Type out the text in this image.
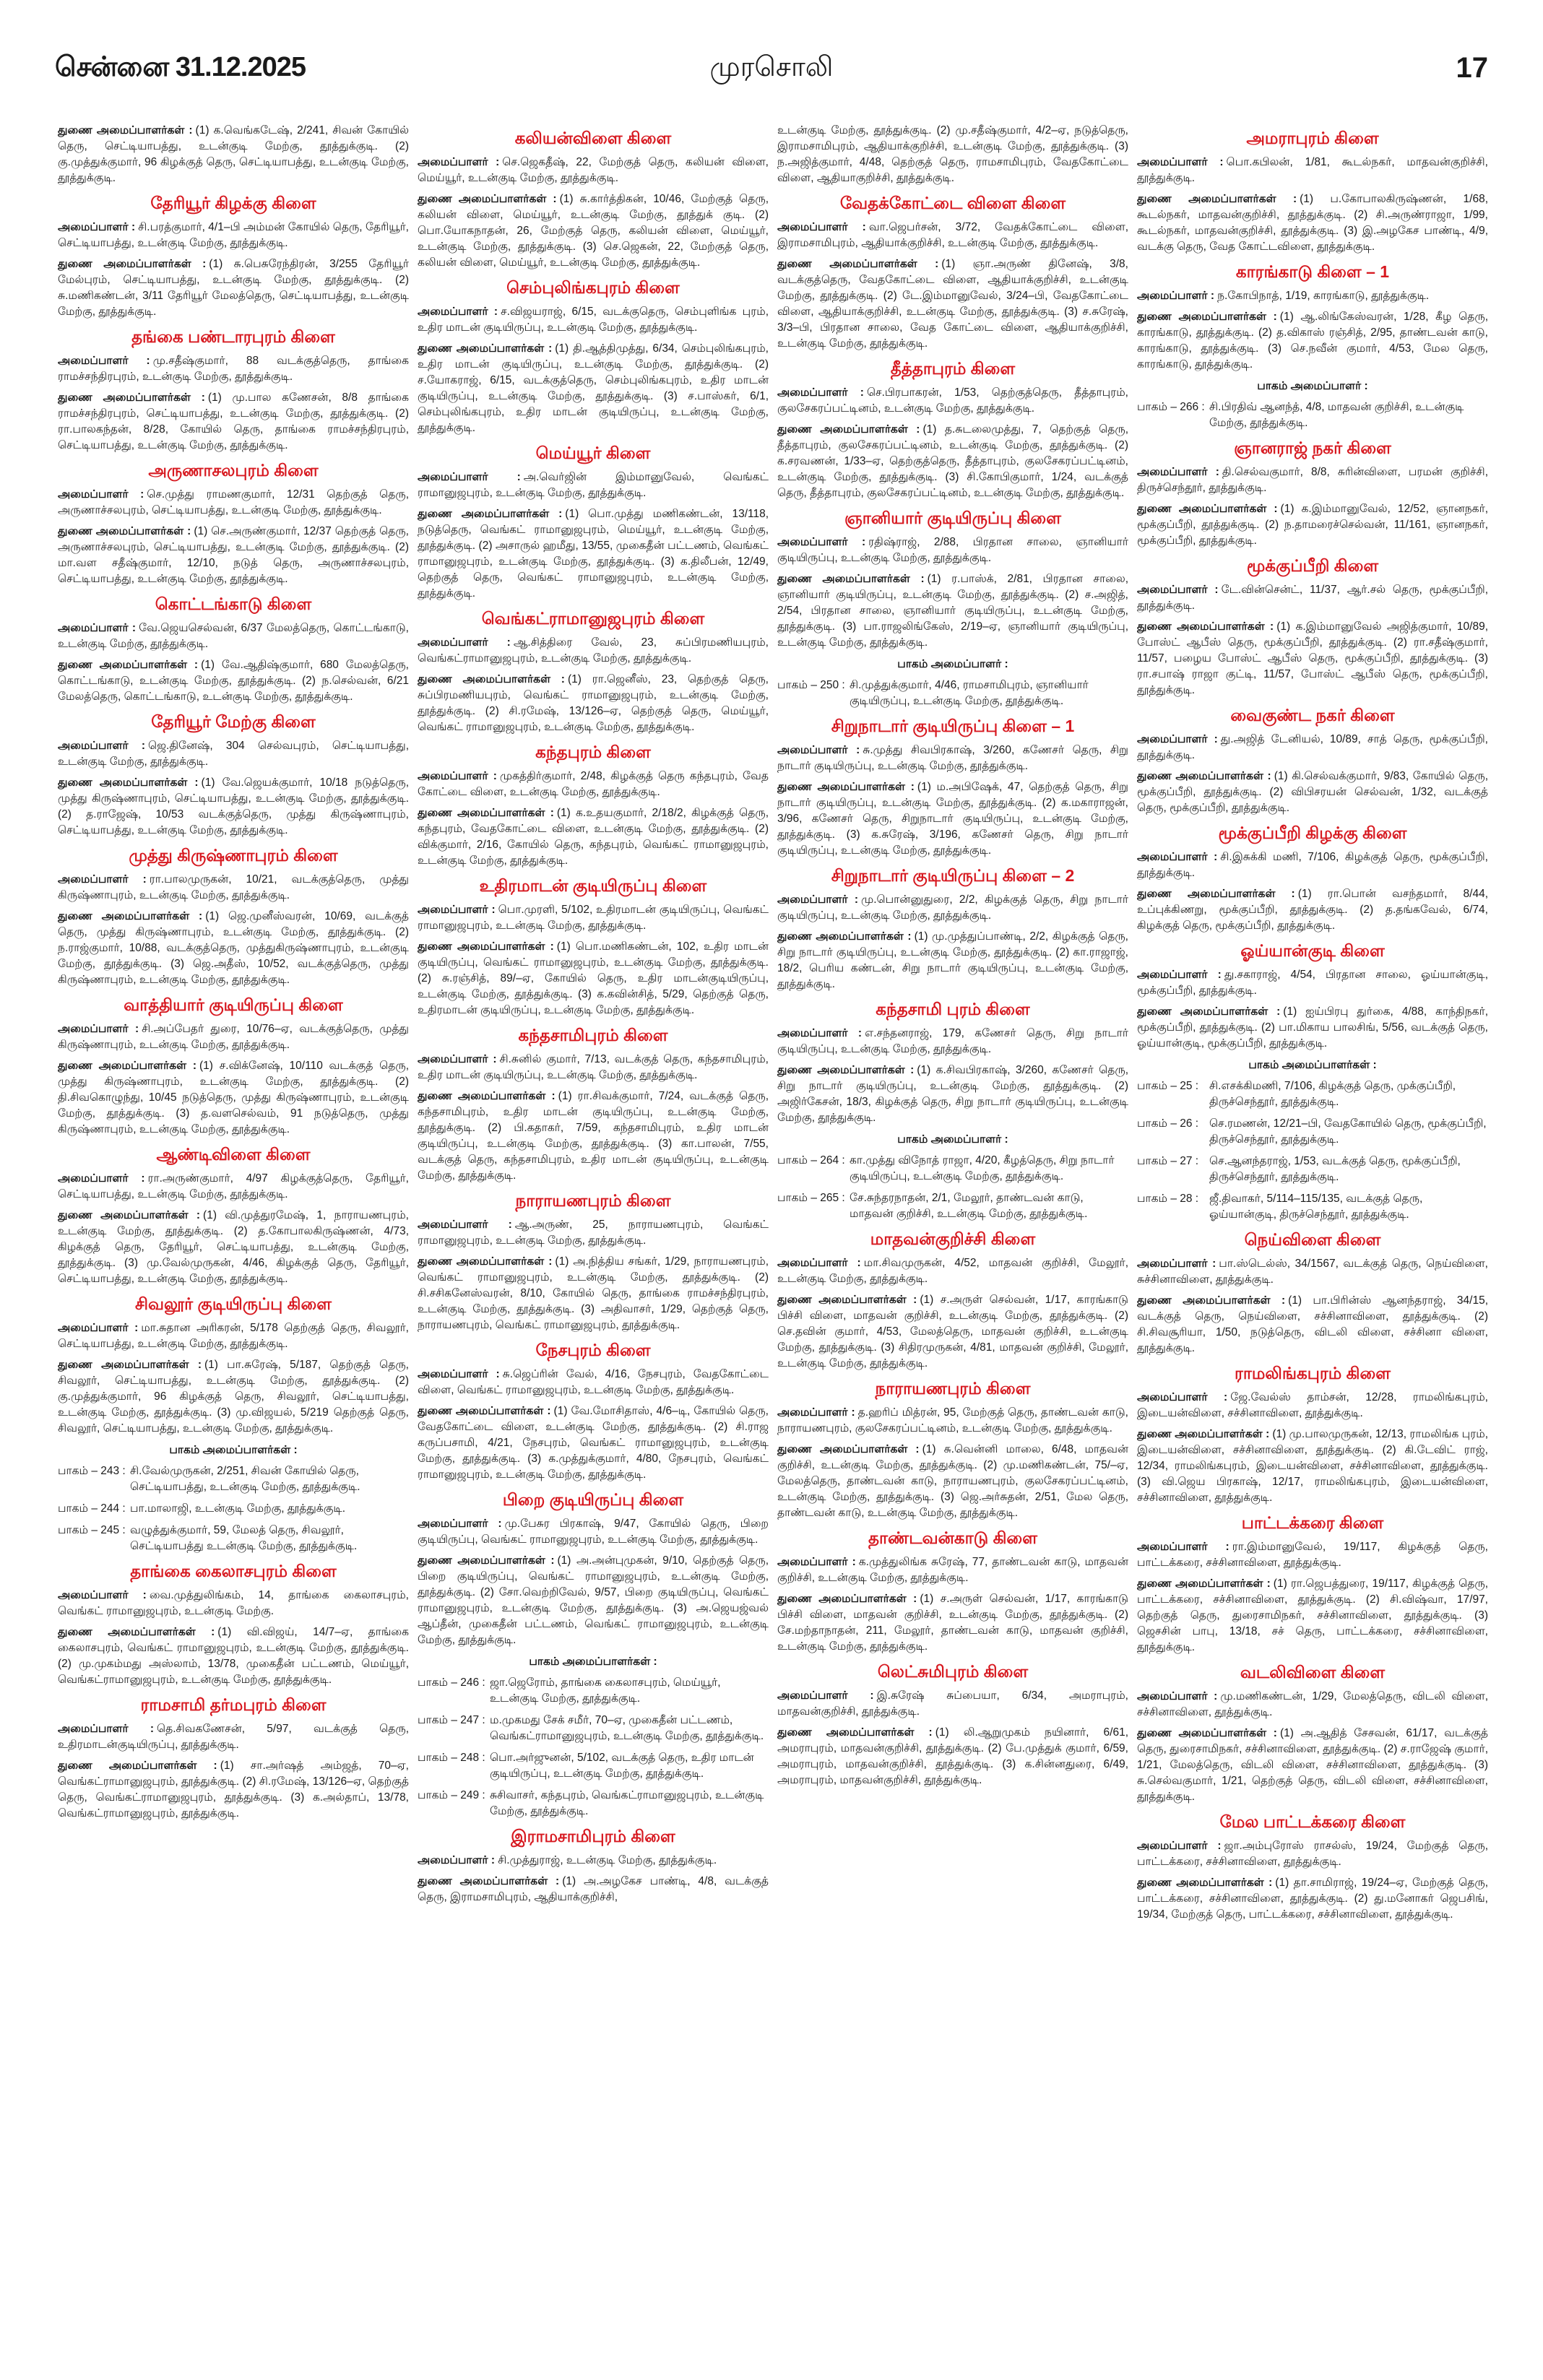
சென்னை 31.12.2025	முரசொலி	17

துணை அமைப்பாளர்கள் : (1) க.வெங்கடேஷ், 2/241, சிவன் கோயில் தெரு, செட்டியாபத்து, உடன்குடி மேற்கு, தூத்துக்குடி. (2) கு.முத்துக்குமார், 96 கிழக்குத் தெரு, செட்டியாபத்து, உடன்குடி மேற்கு, தூத்துக்குடி.

தேரியூர் கிழக்கு கிளை

அமைப்பாளர் : சி.பரத்குமார், 4/1–பி அம்மன் கோயில் தெரு, தேரியூர், செட்டியாபத்து, உடன்குடி மேற்கு, தூத்துக்குடி.

துணை அமைப்பாளர்கள் : (1) சு.பெசுரேந்திரன், 3/255 தேரியூர் மேல்புரம், செட்டியாபத்து, உடன்குடி மேற்கு, தூத்துக்குடி. (2) சு.மணிகண்டன், 3/11 தேரியூர் மேலத்தெரு, செட்டியாபத்து, உடன்குடி மேற்கு, தூத்துக்குடி.

தங்கை பண்டாரபுரம் கிளை

அமைப்பாளர் : மு.சதீஷ்குமார், 88 வடக்குத்தெரு, தாங்கை ராமச்சந்திரபுரம், உடன்குடி மேற்கு, தூத்துக்குடி.

துணை அமைப்பாளர்கள் : (1) மு.பால கணேசன், 8/8 தாங்கை ராமச்சந்திரபுரம், செட்டியாபத்து, உடன்குடி மேற்கு, தூத்துக்குடி. (2) ரா.பாலகந்தன், 8/28, கோயில் தெரு, தாங்கை ராமச்சந்திரபுரம், செட்டியாபத்து, உடன்குடி மேற்கு, தூத்துக்குடி.

அருணாசலபுரம் கிளை

அமைப்பாளர் : செ.முத்து ராமணகுமார், 12/31 தெற்குத் தெரு, அருணாச்சலபுரம், செட்டியாபத்து, உடன்குடி மேற்கு, தூத்துக்குடி.

துணை அமைப்பாளர்கள் : (1) செ.அருண்குமார், 12/37 தெற்குத் தெரு, அருணாச்சலபுரம், செட்டியாபத்து, உடன்குடி மேற்கு, தூத்துக்குடி. (2) மா.வள சதீஷ்குமார், 12/10, நடுத் தெரு, அருணாச்சலபுரம், செட்டியாபத்து, உடன்குடி மேற்கு, தூத்துக்குடி.

கொட்டங்காடு கிளை

அமைப்பாளர் : வே.ஜெயசெல்வன், 6/37 மேலத்தெரு, கொட்டங்காடு, உடன்குடி மேற்கு, தூத்துக்குடி.

துணை அமைப்பாளர்கள் : (1) வே.ஆதிஷ்குமார், 680 மேலத்தெரு, கொட்டங்காடு, உடன்குடி மேற்கு, தூத்துக்குடி. (2) ந.செல்வன், 6/21 மேலத்தெரு, கொட்டங்காடு, உடன்குடி மேற்கு, தூத்துக்குடி.

தேரியூர் மேற்கு கிளை

அமைப்பாளர் : ஜெ.தினேஷ், 304 செல்வபுரம், செட்டியாபத்து, உடன்குடி மேற்கு, தூத்துக்குடி.

துணை அமைப்பாளர்கள் : (1) வே.ஜெயக்குமார், 10/18 நடுத்தெரு, முத்து கிருஷ்ணாபுரம், செட்டியாபத்து, உடன்குடி மேற்கு, தூத்துக்குடி. (2) த.ராஜேஷ், 10/53 வடக்குத்தெரு, முத்து கிருஷ்ணாபுரம், செட்டியாபத்து, உடன்குடி மேற்கு, தூத்துக்குடி.

முத்து கிருஷ்ணாபுரம் கிளை

அமைப்பாளர் : ரா.பாலமுருகன், 10/21, வடக்குத்தெரு, முத்து கிருஷ்ணாபுரம், உடன்குடி மேற்கு, தூத்துக்குடி.

துணை அமைப்பாளர்கள் : (1) ஜெ.முனீஸ்வரன், 10/69, வடக்குத் தெரு, முத்து கிருஷ்ணாபுரம், உடன்குடி மேற்கு, தூத்துக்குடி. (2) ந.ராஜ்குமார், 10/88, வடக்குத்தெரு, முத்துகிருஷ்ணாபுரம், உடன்குடி மேற்கு, தூத்துக்குடி. (3) ஜெ.அதீஸ், 10/52, வடக்குத்தெரு, முத்து கிருஷ்ணாபுரம், உடன்குடி மேற்கு, தூத்துக்குடி.

வாத்தியார் குடியிருப்பு கிளை

அமைப்பாளர் : சி.அப்பேதர் துரை, 10/76–ஏ, வடக்குத்தெரு, முத்து கிருஷ்ணாபுரம், உடன்குடி மேற்கு, தூத்துக்குடி.

துணை அமைப்பாளர்கள் : (1) ச.விக்னேஷ், 10/110 வடக்குத் தெரு, முத்து கிருஷ்ணாபுரம், உடன்குடி மேற்கு, தூத்துக்குடி. (2) தி.சிவகொழுந்து, 10/45 நடுத்தெரு, முத்து கிருஷ்ணாபுரம், உடன்குடி மேற்கு, தூத்துக்குடி. (3) த.வளசெல்வம், 91 நடுத்தெரு, முத்து கிருஷ்ணாபுரம், உடன்குடி மேற்கு, தூத்துக்குடி.

ஆண்டிவிளை கிளை

அமைப்பாளர் : ரா.அருண்குமார், 4/97 கிழக்குத்தெரு, தேரியூர், செட்டியாபத்து, உடன்குடி மேற்கு, தூத்துக்குடி.

துணை அமைப்பாளர்கள் : (1) வி.முத்துரமேஷ், 1, நாராயணபுரம், உடன்குடி மேற்கு, தூத்துக்குடி. (2) த.கோபாலகிருஷ்ணன், 4/73, கிழக்குத் தெரு, தேரியூர், செட்டியாபத்து, உடன்குடி மேற்கு, தூத்துக்குடி. (3) மு.வேல்முருகன், 4/46, கிழக்குத் தெரு, தேரியூர், செட்டியாபத்து, உடன்குடி மேற்கு, தூத்துக்குடி.

சிவலூர் குடியிருப்பு கிளை

அமைப்பாளர் : மா.சுதான அரிகரன், 5/178 தெற்குத் தெரு, சிவலூர், செட்டியாபத்து, உடன்குடி மேற்கு, தூத்துக்குடி.

துணை அமைப்பாளர்கள் : (1) பா.சுரேஷ், 5/187, தெற்குத் தெரு, சிவலூர், செட்டியாபத்து, உடன்குடி மேற்கு, தூத்துக்குடி. (2) கு.முத்துக்குமார், 96 கிழக்குத் தெரு, சிவலூர், செட்டியாபத்து, உடன்குடி மேற்கு, தூத்துக்குடி. (3) மு.விஜயல், 5/219 தெற்குத் தெரு, சிவலூர், செட்டியாபத்து, உடன்குடி மேற்கு, தூத்துக்குடி.

பாகம் அமைப்பாளர்கள் :
பாகம் – 243 : சி.வேல்முருகன், 2/251, சிவன் கோயில் தெரு, செட்டியாபத்து, உடன்குடி மேற்கு, தூத்துக்குடி.
பாகம் – 244 : பா.மாலாஜி, உடன்குடி மேற்கு, தூத்துக்குடி.
பாகம் – 245 : வழுத்துக்குமார், 59, மேலத் தெரு, சிவலூர், செட்டியாபத்து உடன்குடி மேற்கு, தூத்துக்குடி.
தாங்கை கைலாசபுரம் கிளை

அமைப்பாளர் : வை.முத்துலிங்கம், 14, தாங்கை கைலாசபுரம், வெங்கட் ராமானுஜபுரம், உடன்குடி மேற்கு.

துணை அமைப்பாளர்கள் : (1) வி.விஜய், 14/7–ஏ, தாங்கை கைலாசபுரம், வெங்கட் ராமானுஜபுரம், உடன்குடி மேற்கு, தூத்துக்குடி. (2) மு.முகம்மது அஸ்லாம், 13/78, முகைதீன் பட்டணம், மெய்யூர், வெங்கட்ராமானுஜபுரம், உடன்குடி மேற்கு, தூத்துக்குடி.

ராமசாமி தர்மபுரம் கிளை

அமைப்பாளர் : தெ.சிவகணேசன், 5/97, வடக்குத் தெரு, உதிரமாடன்குடியிருப்பு, தூத்துக்குடி.

துணை அமைப்பாளர்கள் : (1) சா.அர்ஷத் அம்ஜத், 70–ஏ, வெங்கட்ராமானுஜபுரம், தூத்துக்குடி. (2) சி.ரமேஷ், 13/126–ஏ, தெற்குத் தெரு, வெங்கட்ராமானுஜபுரம், தூத்துக்குடி. (3) க.அல்தாப், 13/78, வெங்கட்ராமானுஜபுரம், தூத்துக்குடி.

கலியன்விளை கிளை

அமைப்பாளர் : செ.ஜெகதீஷ், 22, மேற்குத் தெரு, கலியன் விளை, மெய்யூர், உடன்குடி மேற்கு, தூத்துக்குடி.

துணை அமைப்பாளர்கள் : (1) சு.கார்த்திகன், 10/46, மேற்குத் தெரு, கலியன் விளை, மெய்யூர், உடன்குடி மேற்கு, தூத்துக் குடி. (2) பொ.யோகநாதன், 26, மேற்குத் தெரு, கலியன் விளை, மெய்யூர், உடன்குடி மேற்கு, தூத்துக்குடி. (3) செ.ஜெகன், 22, மேற்குத் தெரு, கலியன் விளை, மெய்யூர், உடன்குடி மேற்கு, தூத்துக்குடி.

செம்புலிங்கபுரம் கிளை

அமைப்பாளர் : ச.விஜயராஜ், 6/15, வடக்குதெரு, செம்புளிங்க புரம், உதிர மாடன் குடியிருப்பு, உடன்குடி மேற்கு, தூத்துக்குடி.

துணை அமைப்பாளர்கள் : (1) தி.ஆத்திமுத்து, 6/34, செம்புலிங்கபுரம், உதிர மாடன் குடியிருப்பு, உடன்குடி மேற்கு, தூத்துக்குடி. (2) ச.யோகராஜ், 6/15, வடக்குத்தெரு, செம்புலிங்கபுரம், உதிர மாடன் குடியிருப்பு, உடன்குடி மேற்கு, தூத்துக்குடி. (3) ச.பாஸ்கர், 6/1, செம்புலிங்கபுரம், உதிர மாடன் குடியிருப்பு, உடன்குடி மேற்கு, தூத்துக்குடி.

மெய்யூர் கிளை

அமைப்பாளர் : அ.வெர்ஜின் இம்மானுவேல், வெங்கட் ராமானுஜபுரம், உடன்குடி மேற்கு, தூத்துக்குடி.

துணை அமைப்பாளர்கள் : (1) பொ.முத்து மணிகண்டன், 13/118, நடுத்தெரு, வெங்கட் ராமானுஜபுரம், மெய்யூர், உடன்குடி மேற்கு, தூத்துக்குடி. (2) அசாருல் ஹமீது, 13/55, முகைதீன் பட்டணம், வெங்கட் ராமானுஜபுரம், உடன்குடி மேற்கு, தூத்துக்குடி. (3) க.திலீபன், 12/49, தெற்குத் தெரு, வெங்கட் ராமானுஜபுரம், உடன்குடி மேற்கு, தூத்துக்குடி.

வெங்கட்ராமானுஜபுரம் கிளை

அமைப்பாளர் : ஆ.சித்திரை வேல், 23, சுப்பிரமணியபுரம், வெங்கட்ராமானுஜபுரம், உடன்குடி மேற்கு, தூத்துக்குடி.

துணை அமைப்பாளர்கள் : (1) ரா.ஜெனீஸ், 23, தெற்குத் தெரு, சுப்பிரமணியபுரம், வெங்கட் ராமானுஜபுரம், உடன்குடி மேற்கு, தூத்துக்குடி. (2) சி.ரமேஷ், 13/126–ஏ, தெற்குத் தெரு, மெய்யூர், வெங்கட் ராமானுஜபுரம், உடன்குடி மேற்கு, தூத்துக்குடி.

கந்தபுரம் கிளை

அமைப்பாளர் : முகத்திர்குமார், 2/48, கிழக்குத் தெரு கந்தபுரம், வேத கோட்டை விளை, உடன்குடி மேற்கு, தூத்துக்குடி.

துணை அமைப்பாளர்கள் : (1) க.உதயகுமார், 2/18/2, கிழக்குத் தெரு, கந்தபுரம், வேதகோட்டை விளை, உடன்குடி மேற்கு, தூத்துக்குடி. (2) விக்குமார், 2/16, கோயில் தெரு, கந்தபுரம், வெங்கட் ராமானுஜபுரம், உடன்குடி மேற்கு, தூத்துக்குடி.

உதிரமாடன் குடியிருப்பு கிளை

அமைப்பாளர் : பொ.முரளி, 5/102, உதிரமாடன் குடியிருப்பு, வெங்கட் ராமானுஜபுரம், உடன்குடி மேற்கு, தூத்துக்குடி.

துணை அமைப்பாளர்கள் : (1) பொ.மணிகண்டன், 102, உதிர மாடன் குடியிருப்பு, வெங்கட் ராமானுஜபுரம், உடன்குடி மேற்கு, தூத்துக்குடி. (2) சு.ரஞ்சித், 89/–ஏ, கோயில் தெரு, உதிர மாடன்குடியிருப்பு, உடன்குடி மேற்கு, தூத்துக்குடி. (3) க.கவின்சித், 5/29, தெற்குத் தெரு, உதிரமாடன் குடியிருப்பு, உடன்குடி மேற்கு, தூத்துக்குடி.

கந்தசாமிபுரம் கிளை

அமைப்பாளர் : சி.சுனில் குமார், 7/13, வடக்குத் தெரு, கந்தசாமிபுரம், உதிர மாடன் குடியிருப்பு, உடன்குடி மேற்கு, தூத்துக்குடி.

துணை அமைப்பாளர்கள் : (1) ரா.சிவக்குமார், 7/24, வடக்குத் தெரு, கந்தசாமிபுரம், உதிர மாடன் குடியிருப்பு, உடன்குடி மேற்கு, தூத்துக்குடி. (2) பி.கதாகர், 7/59, கந்தசாமிபுரம், உதிர மாடன் குடியிருப்பு, உடன்குடி மேற்கு, தூத்துக்குடி. (3) கா.பாலன், 7/55, வடக்குத் தெரு, கந்தசாமிபுரம், உதிர மாடன் குடியிருப்பு, உடன்குடி மேற்கு, தூத்துக்குடி.

நாராயணபுரம் கிளை

அமைப்பாளர் : ஆ.அருண், 25, நாராயணபுரம், வெங்கட் ராமானுஜபுரம், உடன்குடி மேற்கு, தூத்துக்குடி.

துணை அமைப்பாளர்கள் : (1) அ.நித்திய சங்கர், 1/29, நாராயணபுரம், வெங்கட் ராமானுஜபுரம், உடன்குடி மேற்கு, தூத்துக்குடி. (2) சி.சசிகனேஸ்வரன், 8/10, கோயில் தெரு, தாங்கை ராமச்சந்திரபுரம், உடன்குடி மேற்கு, தூத்துக்குடி. (3) அதிவாசர், 1/29, தெற்குத் தெரு, நாராயணபுரம், வெங்கட் ராமானுஜபுரம், தூத்துக்குடி.

நேசபுரம் கிளை

அமைப்பாளர் : சு.ஜெப்ரின் வேல், 4/16, நேசபுரம், வேதகோட்டை விளை, வெங்கட் ராமானுஜபுரம், உடன்குடி மேற்கு, தூத்துக்குடி.

துணை அமைப்பாளர்கள் : (1) வே.மோசிதாஸ், 4/6–டி, கோயில் தெரு, வேதகோட்டை விளை, உடன்குடி மேற்கு, தூத்துக்குடி. (2) சி.ராஜ கருப்பசாமி, 4/21, நேசபுரம், வெங்கட் ராமானுஜபுரம், உடன்குடி மேற்கு, தூத்துக்குடி. (3) க.முத்துக்குமார், 4/80, நேசபுரம், வெங்கட் ராமானுஜபுரம், உடன்குடி மேற்கு, தூத்துக்குடி.

பிறை குடியிருப்பு கிளை

அமைப்பாளர் : மு.பேசுர பிரகாஷ், 9/47, கோயில் தெரு, பிறை குடியிருப்பு, வெங்கட் ராமானுஜபுரம், உடன்குடி மேற்கு, தூத்துக்குடி.

துணை அமைப்பாளர்கள் : (1) அ.அன்புமுகன், 9/10, தெற்குத் தெரு, பிறை குடியிருப்பு, வெங்கட் ராமானுஜபுரம், உடன்குடி மேற்கு, தூத்துக்குடி. (2) சோ.வெற்றிவேல், 9/57, பிறை குடியிருப்பு, வெங்கட் ராமானுஜபுரம், உடன்குடி மேற்கு, தூத்துக்குடி. (3) அ.ஜெயஜ்வல் ஆப்தீன், முகைதீன் பட்டணம், வெங்கட் ராமானுஜபுரம், உடன்குடி மேற்கு, தூத்துக்குடி.

பாகம் அமைப்பாளர்கள் :
பாகம் – 246 : ஜா.ஜெரோம், தாங்கை கைலாசபுரம், மெய்யூர், உடன்குடி மேற்கு, தூத்துக்குடி.
பாகம் – 247 : ம.முகமது சேக் சமீர், 70–ஏ, முகைதீன் பட்டணம், வெங்கட்ராமானுஜபுரம், உடன்குடி மேற்கு, தூத்துக்குடி.
பாகம் – 248 : பொ.அர்ஜுனன், 5/102, வடக்குத் தெரு, உதிர மாடன் குடியிருப்பு, உடன்குடி மேற்கு, தூத்துக்குடி.
பாகம் – 249 : சுசிவாசர், கந்தபுரம், வெங்கட்ராமானுஜபுரம், உடன்குடி மேற்கு, தூத்துக்குடி.
இராமசாமிபுரம் கிளை

அமைப்பாளர் : சி.முத்துராஜ், உடன்குடி மேற்கு, தூத்துக்குடி.

துணை அமைப்பாளர்கள் : (1) அ.அழகேச பாண்டி, 4/8, வடக்குத் தெரு, இராமசாமிபுரம், ஆதியாக்குறிச்சி,

உடன்குடி மேற்கு, தூத்துக்குடி. (2) மு.சதீஷ்குமார், 4/2–ஏ, நடுத்தெரு, இராமசாமிபுரம், ஆதியாக்குறிச்சி, உடன்குடி மேற்கு, தூத்துக்குடி. (3) ந.அஜித்குமார், 4/48, தெற்குத் தெரு, ராமசாமிபுரம், வேதகோட்டை விளை, ஆதியாகுறிச்சி, தூத்துக்குடி.

வேதக்கோட்டை விளை கிளை

அமைப்பாளர் : வா.ஜெபர்சன், 3/72, வேதக்கோட்டை விளை, இராமசாமிபுரம், ஆதியாக்குறிச்சி, உடன்குடி மேற்கு, தூத்துக்குடி.

துணை அமைப்பாளர்கள் : (1) ஞா.அருண் தினேஷ், 3/8, வடக்குத்தெரு, வேதகோட்டை விளை, ஆதியாக்குறிச்சி, உடன்குடி மேற்கு, தூத்துக்குடி. (2) டே.இம்மானுவேல், 3/24–பி, வேதகோட்டை விளை, ஆதியாக்குறிச்சி, உடன்குடி மேற்கு, தூத்துக்குடி. (3) ச.சுரேஷ், 3/3–பி, பிரதான சாலை, வேத கோட்டை விளை, ஆதியாக்குறிச்சி, உடன்குடி மேற்கு, தூத்துக்குடி.

தீத்தாபுரம் கிளை

அமைப்பாளர் : செ.பிரபாகரன், 1/53, தெற்குத்தெரு, தீத்தாபுரம், குலசேகரப்பட்டினம், உடன்குடி மேற்கு, தூத்துக்குடி.

துணை அமைப்பாளர்கள் : (1) த.சுடலைமுத்து, 7, தெற்குத் தெரு, தீத்தாபுரம், குலசேகரப்பட்டினம், உடன்குடி மேற்கு, தூத்துக்குடி. (2) க.சரவணன், 1/33–ஏ, தெற்குத்தெரு, தீத்தாபுரம், குலசேகரப்பட்டினம், உடன்குடி மேற்கு, தூத்துக்குடி. (3) சி.கோபிகுமார், 1/24, வடக்குத் தெரு, தீத்தாபுரம், குலசேகரப்பட்டினம், உடன்குடி மேற்கு, தூத்துக்குடி.

ஞானியார் குடியிருப்பு கிளை

அமைப்பாளர் : ரதிஷ்ராஜ், 2/88, பிரதான சாலை, ஞானியார் குடியிருப்பு, உடன்குடி மேற்கு, தூத்துக்குடி.

துணை அமைப்பாளர்கள் : (1) ர.பாஸ்க், 2/81, பிரதான சாலை, ஞானியார் குடியிருப்பு, உடன்குடி மேற்கு, தூத்துக்குடி. (2) ச.அஜித், 2/54, பிரதான சாலை, ஞானியார் குடியிருப்பு, உடன்குடி மேற்கு, தூத்துக்குடி. (3) பா.ராஜலிங்கேஸ், 2/19–ஏ, ஞானியார் குடியிருப்பு, உடன்குடி மேற்கு, தூத்துக்குடி.

பாகம் அமைப்பாளர் :
பாகம் – 250 : சி.முத்துக்குமார், 4/46, ராமசாமிபுரம், ஞானியார் குடியிருப்பு, உடன்குடி மேற்கு, தூத்துக்குடி.
சிறுநாடார் குடியிருப்பு கிளை – 1

அமைப்பாளர் : சு.முத்து சிவபிரகாஷ், 3/260, கணேசர் தெரு, சிறு நாடார் குடியிருப்பு, உடன்குடி மேற்கு, தூத்துக்குடி.

துணை அமைப்பாளர்கள் : (1) ம.அபிஷேக், 47, தெற்குத் தெரு, சிறு நாடார் குடியிருப்பு, உடன்குடி மேற்கு, தூத்துக்குடி. (2) க.மகாராஜன், 3/96, கணேசர் தெரு, சிறுநாடார் குடியிருப்பு, உடன்குடி மேற்கு, தூத்துக்குடி. (3) க.சுரேஷ், 3/196, கணேசர் தெரு, சிறு நாடார் குடியிருப்பு, உடன்குடி மேற்கு, தூத்துக்குடி.

சிறுநாடார் குடியிருப்பு கிளை – 2

அமைப்பாளர் : மு.பொன்னுதுரை, 2/2, கிழக்குத் தெரு, சிறு நாடார் குடியிருப்பு, உடன்குடி மேற்கு, தூத்துக்குடி.

துணை அமைப்பாளர்கள் : (1) மு.முத்துப்பாண்டி, 2/2, கிழக்குத் தெரு, சிறு நாடார் குடியிருப்பு, உடன்குடி மேற்கு, தூத்துக்குடி. (2) கா.ராஜாஜ், 18/2, பெரிய கண்டன், சிறு நாடார் குடியிருப்பு, உடன்குடி மேற்கு, தூத்துக்குடி.

கந்தசாமி புரம் கிளை

அமைப்பாளர் : எ.சந்தனராஜ், 179, கணேசர் தெரு, சிறு நாடார் குடியிருப்பு, உடன்குடி மேற்கு, தூத்துக்குடி.

துணை அமைப்பாளர்கள் : (1) க.சிவபிரகாஷ், 3/260, கணேசர் தெரு, சிறு நாடார் குடியிருப்பு, உடன்குடி மேற்கு, தூத்துக்குடி. (2) அஜிர்கேசன், 18/3, கிழக்குத் தெரு, சிறு நாடார் குடியிருப்பு, உடன்குடி மேற்கு, தூத்துக்குடி.

பாகம் அமைப்பாளர் :
பாகம் – 264 : கா.முத்து விநோத் ராஜா, 4/20, கீழத்தெரு, சிறு நாடார் குடியிருப்பு, உடன்குடி மேற்கு, தூத்துக்குடி.
பாகம் – 265 : சே.சுந்தரநாதன், 2/1, மேலூர், தாண்டவன் காடு, மாதவன் குறிச்சி, உடன்குடி மேற்கு, தூத்துக்குடி.
மாதவன்குறிச்சி கிளை

அமைப்பாளர் : மா.சிவமுருகன், 4/52, மாதவன் குறிச்சி, மேலூர், உடன்குடி மேற்கு, தூத்துக்குடி.

துணை அமைப்பாளர்கள் : (1) ச.அருள் செல்வன், 1/17, காரங்காடு பிச்சி விளை, மாதவன் குறிச்சி, உடன்குடி மேற்கு, தூத்துக்குடி. (2) செ.தவின் குமார், 4/53, மேலத்தெரு, மாதவன் குறிச்சி, உடன்குடி மேற்கு, தூத்துக்குடி. (3) சிதிரமுருகன், 4/81, மாதவன் குறிச்சி, மேலூர், உடன்குடி மேற்கு, தூத்துக்குடி.

நாராயணபுரம் கிளை

அமைப்பாளர் : த.ஹரிப் மித்ரன், 95, மேற்குத் தெரு, தாண்டவன் காடு, நாராயணபுரம், குலசேகரப்பட்டினம், உடன்குடி மேற்கு, தூத்துக்குடி.

துணை அமைப்பாளர்கள் : (1) சு.வென்னி மாலை, 6/48, மாதவன் குறிச்சி, உடன்குடி மேற்கு, தூத்துக்குடி. (2) மு.மணிகண்டன், 75/–ஏ, மேலத்தெரு, தாண்டவன் காடு, நாராயணபுரம், குலசேகரப்பட்டினம், உடன்குடி மேற்கு, தூத்துக்குடி. (3) ஜெ.அர்சுதன், 2/51, மேல தெரு, தாண்டவன் காடு, உடன்குடி மேற்கு, தூத்துக்குடி.

தாண்டவன்காடு கிளை

அமைப்பாளர் : க.முத்துலிங்க சுரேஷ், 77, தாண்டவன் காடு, மாதவன் குறிச்சி, உடன்குடி மேற்கு, தூத்துக்குடி.

துணை அமைப்பாளர்கள் : (1) ச.அருள் செல்வன், 1/17, காரங்காடு பிச்சி விளை, மாதவன் குறிச்சி, உடன்குடி மேற்கு, தூத்துக்குடி. (2) சே.மற்தாநாதன், 211, மேலூர், தாண்டவன் காடு, மாதவன் குறிச்சி, உடன்குடி மேற்கு, தூத்துக்குடி.

லெட்சுமிபுரம் கிளை

அமைப்பாளர் : இ.சுரேஷ் சுப்பையா, 6/34, அமராபுரம், மாதவன்குறிச்சி, தூத்துக்குடி.

துணை அமைப்பாளர்கள் : (1) லி.ஆறுமுகம் நயினார், 6/61, அமராபுரம், மாதவன்குறிச்சி, தூத்துக்குடி. (2) பே.முத்துக் குமார், 6/59, அமராபுரம், மாதவன்குறிச்சி, தூத்துக்குடி. (3) க.சின்னதுரை, 6/49, அமராபுரம், மாதவன்குறிச்சி, தூத்துக்குடி.

அமராபுரம் கிளை

அமைப்பாளர் : பொ.கபிலன், 1/81, கூடல்நகர், மாதவன்குறிச்சி, தூத்துக்குடி.

துணை அமைப்பாளர்கள் : (1) ப.கோபாலகிருஷ்ணன், 1/68, கூடல்நகர், மாதவன்குறிச்சி, தூத்துக்குடி. (2) சி.அருண்ராஜா, 1/99, கூடல்நகர், மாதவன்குறிச்சி, தூத்துக்குடி. (3) இ.அழகேச பாண்டி, 4/9, வடக்கு தெரு, வேத கோட்டவிளை, தூத்துக்குடி.

காரங்காடு கிளை – 1

அமைப்பாளர் : ந.கோபிநாத், 1/19, காரங்காடு, தூத்துக்குடி.

துணை அமைப்பாளர்கள் : (1) ஆ.லிங்கேஸ்வரன், 1/28, கீழ தெரு, காரங்காடு, தூத்துக்குடி. (2) த.விகாஸ் ரஞ்சித், 2/95, தாண்டவன் காடு, காரங்காடு, தூத்துக்குடி. (3) செ.நவீன் குமார், 4/53, மேல தெரு, காரங்காடு, தூத்துக்குடி.

பாகம் அமைப்பாளர் :
பாகம் – 266 : சி.பிரதிவ் ஆனந்த், 4/8, மாதவன் குறிச்சி, உடன்குடி மேற்கு, தூத்துக்குடி.
ஞானராஜ் நகர் கிளை

அமைப்பாளர் : தி.செல்வகுமார், 8/8, சுரின்விளை, பரமன் குறிச்சி, திருச்செந்தூர், தூத்துக்குடி.

துணை அமைப்பாளர்கள் : (1) க.இம்மானுவேல், 12/52, ஞானநகர், மூக்குப்பீறி, தூத்துக்குடி. (2) ந.தாமரைச்செல்வன், 11/161, ஞானநகர், மூக்குப்பீறி, தூத்துக்குடி.

மூக்குப்பீறி கிளை

அமைப்பாளர் : டே.வின்சென்ட், 11/37, ஆர்.சல் தெரு, மூக்குப்பீறி, தூத்துக்குடி.

துணை அமைப்பாளர்கள் : (1) க.இம்மானுவேல் அஜித்குமார், 10/89, போஸ்ட் ஆபீஸ் தெரு, மூக்குப்பீறி, தூத்துக்குடி. (2) ரா.சதீஷ்குமார், 11/57, பழைய போஸ்ட் ஆபீஸ் தெரு, மூக்குப்பீறி, தூத்துக்குடி. (3) ரா.சபாஷ் ராஜா குட்டி, 11/57, போஸ்ட் ஆபீஸ் தெரு, மூக்குப்பீறி, தூத்துக்குடி.

வைகுண்ட நகர் கிளை

அமைப்பாளர் : து.அஜித் டேனியல், 10/89, சாத் தெரு, மூக்குப்பீறி, தூத்துக்குடி.

துணை அமைப்பாளர்கள் : (1) கி.செல்வக்குமார், 9/83, கோயில் தெரு, மூக்குப்பீறி, தூத்துக்குடி. (2) விபிசரயன் செல்வன், 1/32, வடக்குத் தெரு, மூக்குப்பீறி, தூத்துக்குடி.

மூக்குப்பீறி கிழக்கு கிளை

அமைப்பாளர் : சி.இசுக்கி மணி, 7/106, கிழக்குத் தெரு, மூக்குப்பீறி, தூத்துக்குடி.

துணை அமைப்பாளர்கள் : (1) ரா.பொன் வசந்தமார், 8/44, உப்புக்கிணறு, மூக்குப்பீறி, தூத்துக்குடி. (2) த.தங்கவேல், 6/74, கிழக்குத் தெரு, மூக்குப்பீறி, தூத்துக்குடி.

ஓய்யான்குடி கிளை

அமைப்பாளர் : து.சகாராஜ், 4/54, பிரதான சாலை, ஓய்யான்குடி, மூக்குப்பீறி, தூத்துக்குடி.

துணை அமைப்பாளர்கள் : (1) ஐய்பிரபு துர்கை, 4/88, காந்திநகர், மூக்குப்பீறி, தூத்துக்குடி. (2) பா.மிகாய பாலசிங், 5/56, வடக்குத் தெரு, ஓய்யான்குடி, மூக்குப்பீறி, தூத்துக்குடி.

பாகம் அமைப்பாளர்கள் :
பாகம் – 25 : சி.எசக்கிமணி, 7/106, கிழக்குத் தெரு, முக்குப்பீறி, திருச்செந்தூர், தூத்துக்குடி.
பாகம் – 26 : செ.ரமணன், 12/21–பி, வேதகோயில் தெரு, மூக்குப்பீறி, திருச்செந்தூர், தூத்துக்குடி.
பாகம் – 27 : செ.ஆனந்தராஜ், 1/53, வடக்குத் தெரு, மூக்குப்பீறி, திருச்செந்தூர், தூத்துக்குடி.
பாகம் – 28 : ஜீ.திவாகர், 5/114–115/135, வடக்குத் தெரு, ஓய்யான்குடி, திருச்செந்தூர், தூத்துக்குடி.
நெய்விளை கிளை

அமைப்பாளர் : பா.ஸ்டெல்ஸ், 34/1567, வடக்குத் தெரு, நெய்விளை, சுச்சினாவிளை, தூத்துக்குடி.

துணை அமைப்பாளர்கள் : (1) பா.பிரின்ஸ் ஆனந்தராஜ், 34/15, வடக்குத் தெரு, நெய்விளை, சச்சினாவிளை, தூத்துக்குடி. (2) சி.சிவசூரியா, 1/50, நடுத்தெரு, விடலி விளை, சச்சினா விளை, தூத்துக்குடி.

ராமலிங்கபுரம் கிளை

அமைப்பாளர் : ஜே.வேல்ஸ் தாம்சன், 12/28, ராமலிங்கபுரம், இடையன்விளை, சச்சினாவிளை, தூத்துக்குடி.

துணை அமைப்பாளர்கள் : (1) மு.பாலமுருகன், 12/13, ராமலிங்க புரம், இடையன்விளை, சச்சினாவிளை, தூத்துக்குடி. (2) கி.டேவிட் ராஜ், 12/34, ராமலிங்கபுரம், இடையன்விளை, சச்சினாவிளை, தூத்துக்குடி. (3) வி.ஜெய பிரகாஷ், 12/17, ராமலிங்கபுரம், இடையன்விளை, சச்சினாவிளை, தூத்துக்குடி.

பாட்டக்கரை கிளை

அமைப்பாளர் : ரா.இம்மானுவேல், 19/117, கிழக்குத் தெரு, பாட்டக்கரை, சச்சினாவிளை, தூத்துக்குடி.

துணை அமைப்பாளர்கள் : (1) ரா.ஜெபத்துரை, 19/117, கிழக்குத் தெரு, பாட்டக்கரை, சச்சினாவிளை, தூத்துக்குடி. (2) சி.விஷ்வா, 17/97, தெற்குத் தெரு, துரைசாமிநகர், சச்சினாவிளை, தூத்துக்குடி. (3) ஜெசசின் பாபு, 13/18, சச் தெரு, பாட்டக்கரை, சச்சினாவிளை, தூத்துக்குடி.

வடலிவிளை கிளை

அமைப்பாளர் : மு.மணிகண்டன், 1/29, மேலத்தெரு, விடலி விளை, சச்சினாவிளை, தூத்துக்குடி.

துணை அமைப்பாளர்கள் : (1) அ.ஆதித் சேசவன், 61/17, வடக்குத் தெரு, துரைசாமிநகர், சச்சினாவிளை, தூத்துக்குடி. (2) ச.ராஜேஷ் குமார், 1/21, மேலத்தெரு, விடலி விளை, சச்சினாவிளை, தூத்துக்குடி. (3) சு.செல்வகுமார், 1/21, தெற்குத் தெரு, விடலி விளை, சச்சினாவிளை, தூத்துக்குடி.

மேல பாட்டக்கரை கிளை

அமைப்பாளர் : ஜா.அம்புரோஸ் ராசல்ஸ், 19/24, மேற்குத் தெரு, பாட்டக்கரை, சச்சினாவிளை, தூத்துக்குடி.

துணை அமைப்பாளர்கள் : (1) தா.சாமிராஜ், 19/24–ஏ, மேற்குத் தெரு, பாட்டக்கரை, சச்சினாவிளை, தூத்துக்குடி. (2) து.மனோகர் ஜெபசிங், 19/34, மேற்குத் தெரு, பாட்டக்கரை, சச்சினாவிளை, தூத்துக்குடி.
